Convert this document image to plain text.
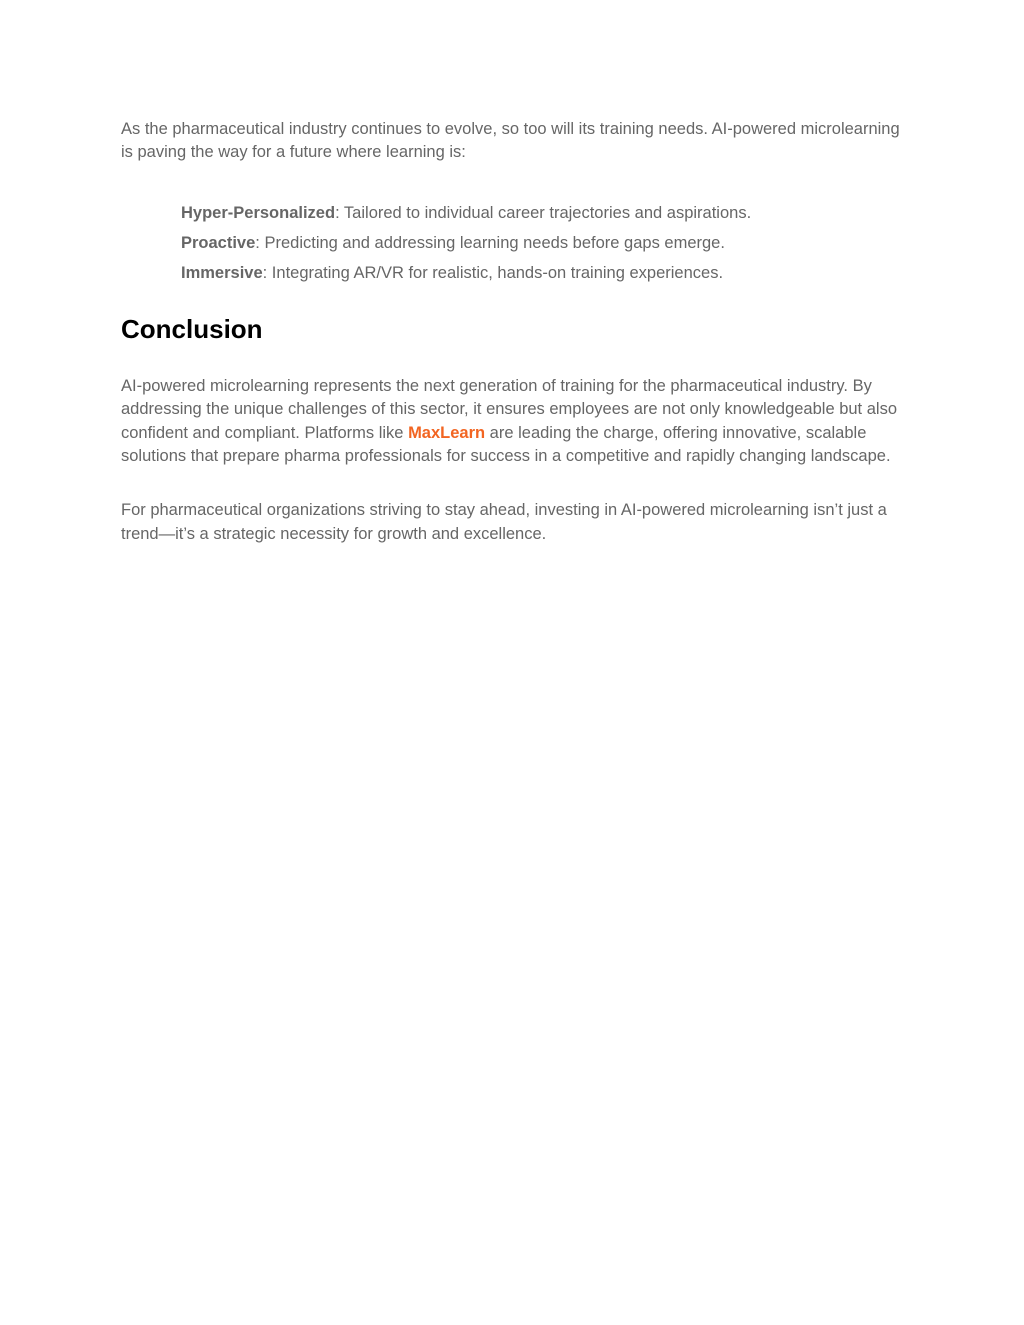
As the pharmaceutical industry continues to evolve, so too will its training needs. AI-powered microlearning is paving the way for a future where learning is:

Hyper-Personalized: Tailored to individual career trajectories and aspirations.
Proactive: Predicting and addressing learning needs before gaps emerge.
Immersive: Integrating AR/VR for realistic, hands-on training experiences.
Conclusion

AI-powered microlearning represents the next generation of training for the pharmaceutical industry. By addressing the unique challenges of this sector, it ensures employees are not only knowledgeable but also confident and compliant. Platforms like MaxLearn are leading the charge, offering innovative, scalable solutions that prepare pharma professionals for success in a competitive and rapidly changing landscape.

For pharmaceutical organizations striving to stay ahead, investing in AI-powered microlearning isn’t just a trend—it’s a strategic necessity for growth and excellence.
